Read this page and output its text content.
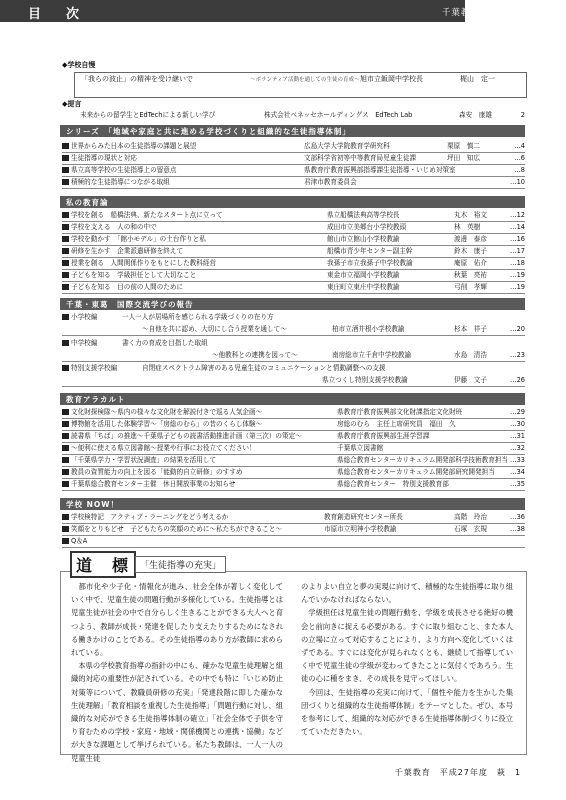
目　次	千葉教育　萩　No.６３３
◆学校自慢
「我らの波止」の精神を受け継いで	〜ボランティア活動を通しての生徒の育成〜 旭市立飯岡中学校長	梶山　定一
◆提言
未来からの留学生とEdTechによる新しい学び	株式会社ベネッセホールディングス　EdTech Lab	森安　康雄	2
シリーズ　「地域や家庭と共に進める学校づくりと組織的な生徒指導体制」
世界からみた日本の生徒指導の課題と展望	広島大学大学院教育学研究科	栗原　慎二	…4
生徒指導の現状と対応	文部科学省初等中等教育局児童生徒課	坪田　知広	…6
県立高等学校の生徒指導上の留意点	県教育庁教育振興部指導課生徒指導・いじめ対策室	…8
積極的な生徒指導につながる取組	君津市教育委員会	…10
私の教育論
学校を創る　船橋法典、新たなスタート点に立って	県立船橋法典高等学校長	丸木　裕文	…12
学校を支える　人の和の中で	成田市立美郷台小学校教頭	林　英樹	…14
学校を動かす　「館小モデル」の土台作りと私	館山市立館山小学校教諭	渡邊　泰彦	…16
研修を生かす　企業派遣研修を終えて	船橋市青少年センター副主幹	鈴木　康子	…17
授業を創る　人間関係作りをもとにした教科経営	我孫子市立我孫子中学校教諭	庵原　佑介	…18
子どもを知る　学級担任として大切なこと	東金市立福岡小学校教諭	秋葉　亮祐	…19
子どもを知る　目の前の人間のために	東庄町立東庄中学校教諭	弓削　孝輝	…19
千葉・東葛　国際交流学びの報告
小学校編	一人一人が居場所を感じられる学級づくりの在り方
〜自他を共に認め、大切にし合う授業を通して〜	柏市立酒井根小学校教諭	杉本　祥子	…20
中学校編	書く力の育成を目指した取組
〜他教科との連携を図って〜	南房総市立千倉中学校教諭	水島　清浩	…23
特別支援学校編	自閉症スペクトラム障害のある児童生徒のコミュニケーションと情動調整への支援
県立つくし特別支援学校教諭	伊藤　文子	…26
教育アラカルト
文化財探検隊〜県内の様々な文化財を解説付きで巡る人気企画〜	県教育庁教育振興部文化財課指定文化財班	…29
博物館を活用した体験学習〜「房総のむら」の昔のくらし体験〜	房総のむら　主任上席研究員　福田　久	…30
読書県「ちば」の推進〜千葉県子どもの読書活動推進計画（第三次）の策定〜	県教育庁教育振興部生涯学習課	…31
〜便利に使える県立図書館〜授業や行事にお役立てください！	千葉県立図書館	…32
「千葉県学力・学習状況調査」の結果を活用して	県総合教育センターカリキュラム開発部科学技術教育担当 …33
教員の資質能力の向上を図る「能動的自立研修」のすすめ	県総合教育センターカリキュラム開発部研究開発担当 …34
千葉県総合教育センター主催　休日開放事業のお知らせ	県総合教育センター　特別支援教育部	…35
学校 NOW！
学校検特記　アクティブ・ラーニングをどう考えるか	教育創造研究センター所長	高階　玲治	…36
笑顔をとりもどせ　子どもたちの笑顔のために〜私たちができること〜	市原市立明神小学校教諭	石塚　玄規	…38
Q＆A
　都市化や少子化・情報化が進み、社会全体が著しく変化していく中で、児童生徒の問題行動が多様化している。生徒指導とは児童生徒が社会の中で自分らしく生きることができる大人へと育つよう、教師が成長・発達を促したり支えたりするためになされる働きかけのことである。その生徒指導のあり方が教師に求められている。
　本県の学校教育指導の指針の中にも、確かな児童生徒理解と組織的対応の重要性が記されている。その中でも特に「いじめ防止対策等について、教職員研修の充実」「発達段階に即した確かな生徒理解」「教育相談を重視した生徒指導」「問題行動に対し、組織的な対応ができる生徒指導体制の確立」「社会全体で子供を守り育むための学校・家庭・地域・関係機関との連携・協働」などが大きな課題として挙げられている。私たち教師は、一人一人の児童生徒
のよりよい自立と夢の実現に向けて、積極的な生徒指導に取り組んでいかなければならない。
　学級担任は児童生徒の問題行動を、学級を成長させる絶好の機会と前向きに捉える必要がある。すぐに取り組むこと、また本人の立場に立って対応することにより、より方向へ変化していくはずである。すぐには変化が見られなくとも、継続して指導していく中で児童生徒の学級が変わってきたことに気付くであろう。生徒の心に種をまき、その成長を見守ってほしい。
　今回は、生徒指導の充実に向けて、「個性や能力を生かした集団づくりと組織的な生徒指導体制」をテーマとした。ぜひ、本号を参考にして、組織的な対応ができる生徒指導体制づくりに役立てていただきたい。
道　標	「生徒指導の充実」
千葉教育　平成27年度　萩　1
